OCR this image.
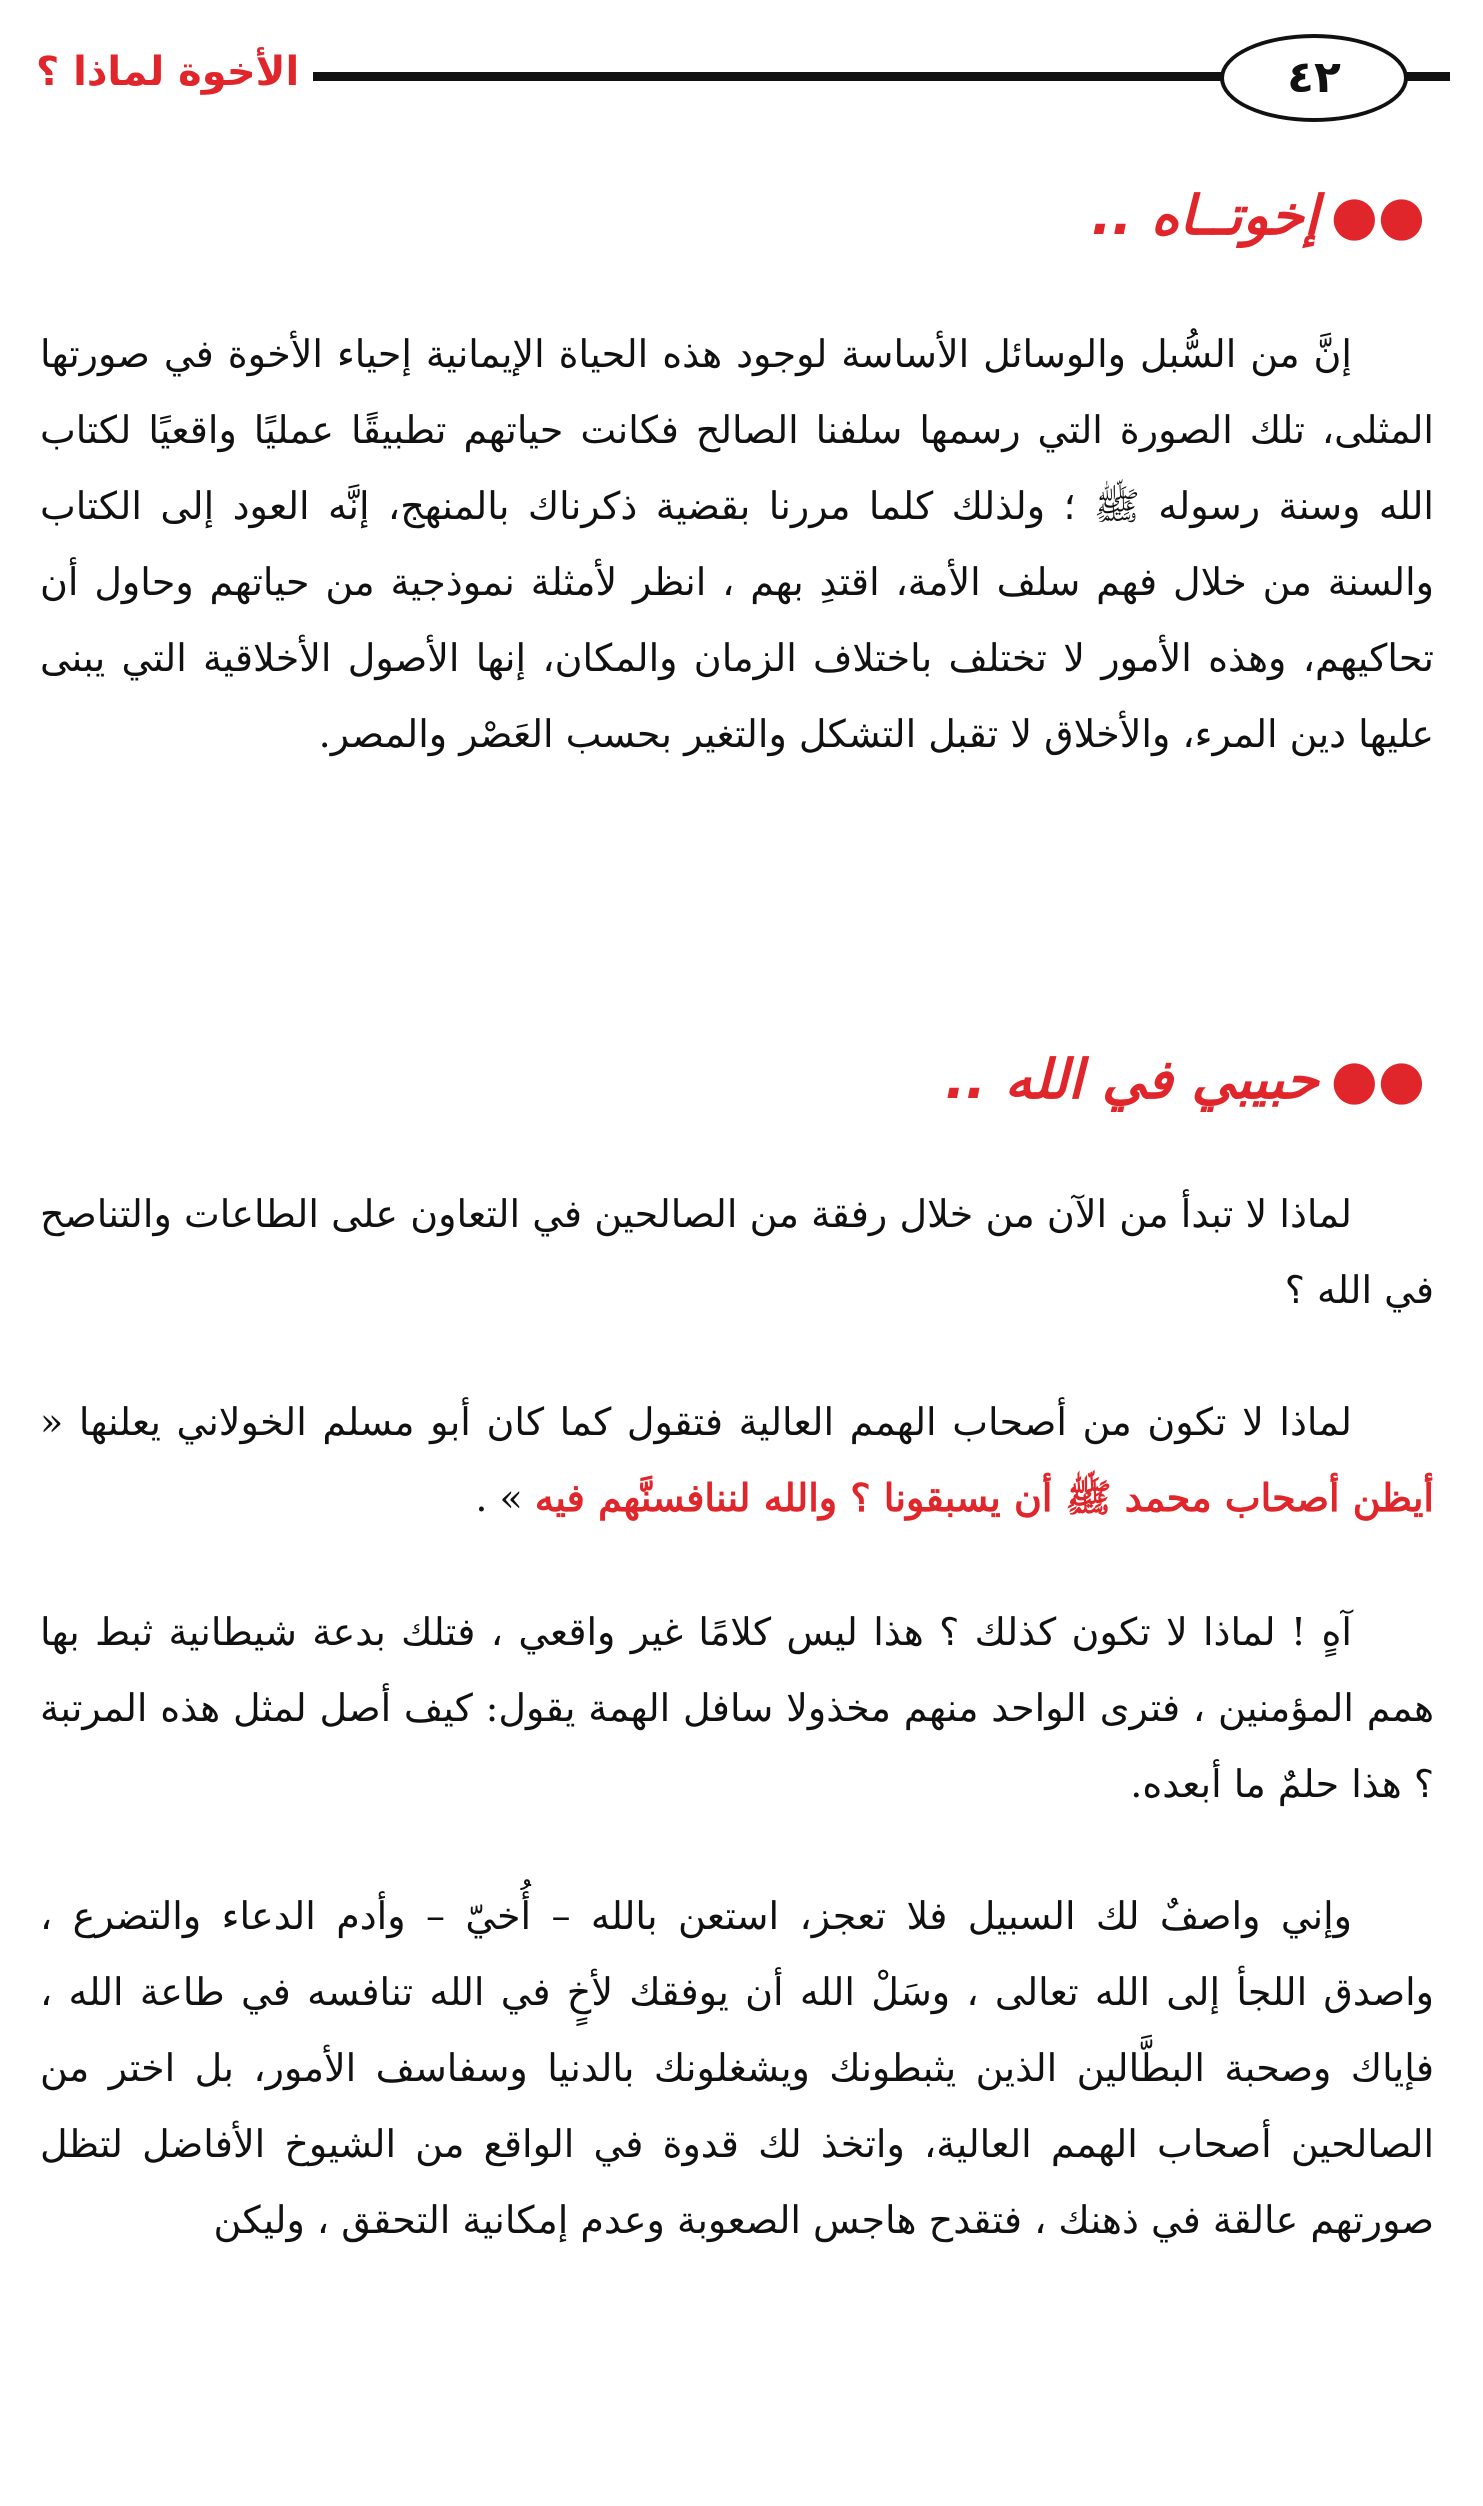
الأخوة لماذا ؟	٤٢
●●إخوتــاه ..
إنَّ من السُّبل والوسائل الأساسة لوجود هذه الحياة الإيمانية إحياء الأخوة في صورتها المثلى، تلك الصورة التي رسمها سلفنا الصالح فكانت حياتهم تطبيقًا عمليًا واقعيًا لكتاب الله وسنة رسوله ﷺ ؛ ولذلك كلما مررنا بقضية ذكرناك بالمنهج، إنَّه العود إلى الكتاب والسنة من خلال فهم سلف الأمة، اقتدِ بهم ، انظر لأمثلة نموذجية من حياتهم وحاول أن تحاكيهم، وهذه الأمور لا تختلف باختلاف الزمان والمكان، إنها الأصول الأخلاقية التي يبنى عليها دين المرء، والأخلاق لا تقبل التشكل والتغير بحسب العَصْر والمصر.
●●حبيبي في الله ..
لماذا لا تبدأ من الآن من خلال رفقة من الصالحين في التعاون على الطاعات والتناصح في الله ؟
لماذا لا تكون من أصحاب الهمم العالية فتقول كما كان أبو مسلم الخولاني يعلنها « أيظن أصحاب محمد ﷺ أن يسبقونا ؟ والله لننافسنَّهم فيه » .
آهٍ ! لماذا لا تكون كذلك ؟ هذا ليس كلامًا غير واقعي ، فتلك بدعة شيطانية ثبط بها همم المؤمنين ، فترى الواحد منهم مخذولا سافل الهمة يقول: كيف أصل لمثل هذه المرتبة ؟ هذا حلمٌ ما أبعده.
وإني واصفٌ لك السبيل فلا تعجز، استعن بالله – أُخيّ – وأدم الدعاء والتضرع ، واصدق اللجأ إلى الله تعالى ، وسَلْ الله أن يوفقك لأخٍ في الله تنافسه في طاعة الله ، فإياك وصحبة البطَّالين الذين يثبطونك ويشغلونك بالدنيا وسفاسف الأمور، بل اختر من الصالحين أصحاب الهمم العالية، واتخذ لك قدوة في الواقع من الشيوخ الأفاضل لتظل صورتهم عالقة في ذهنك ، فتقدح هاجس الصعوبة وعدم إمكانية التحقق ، وليكن
